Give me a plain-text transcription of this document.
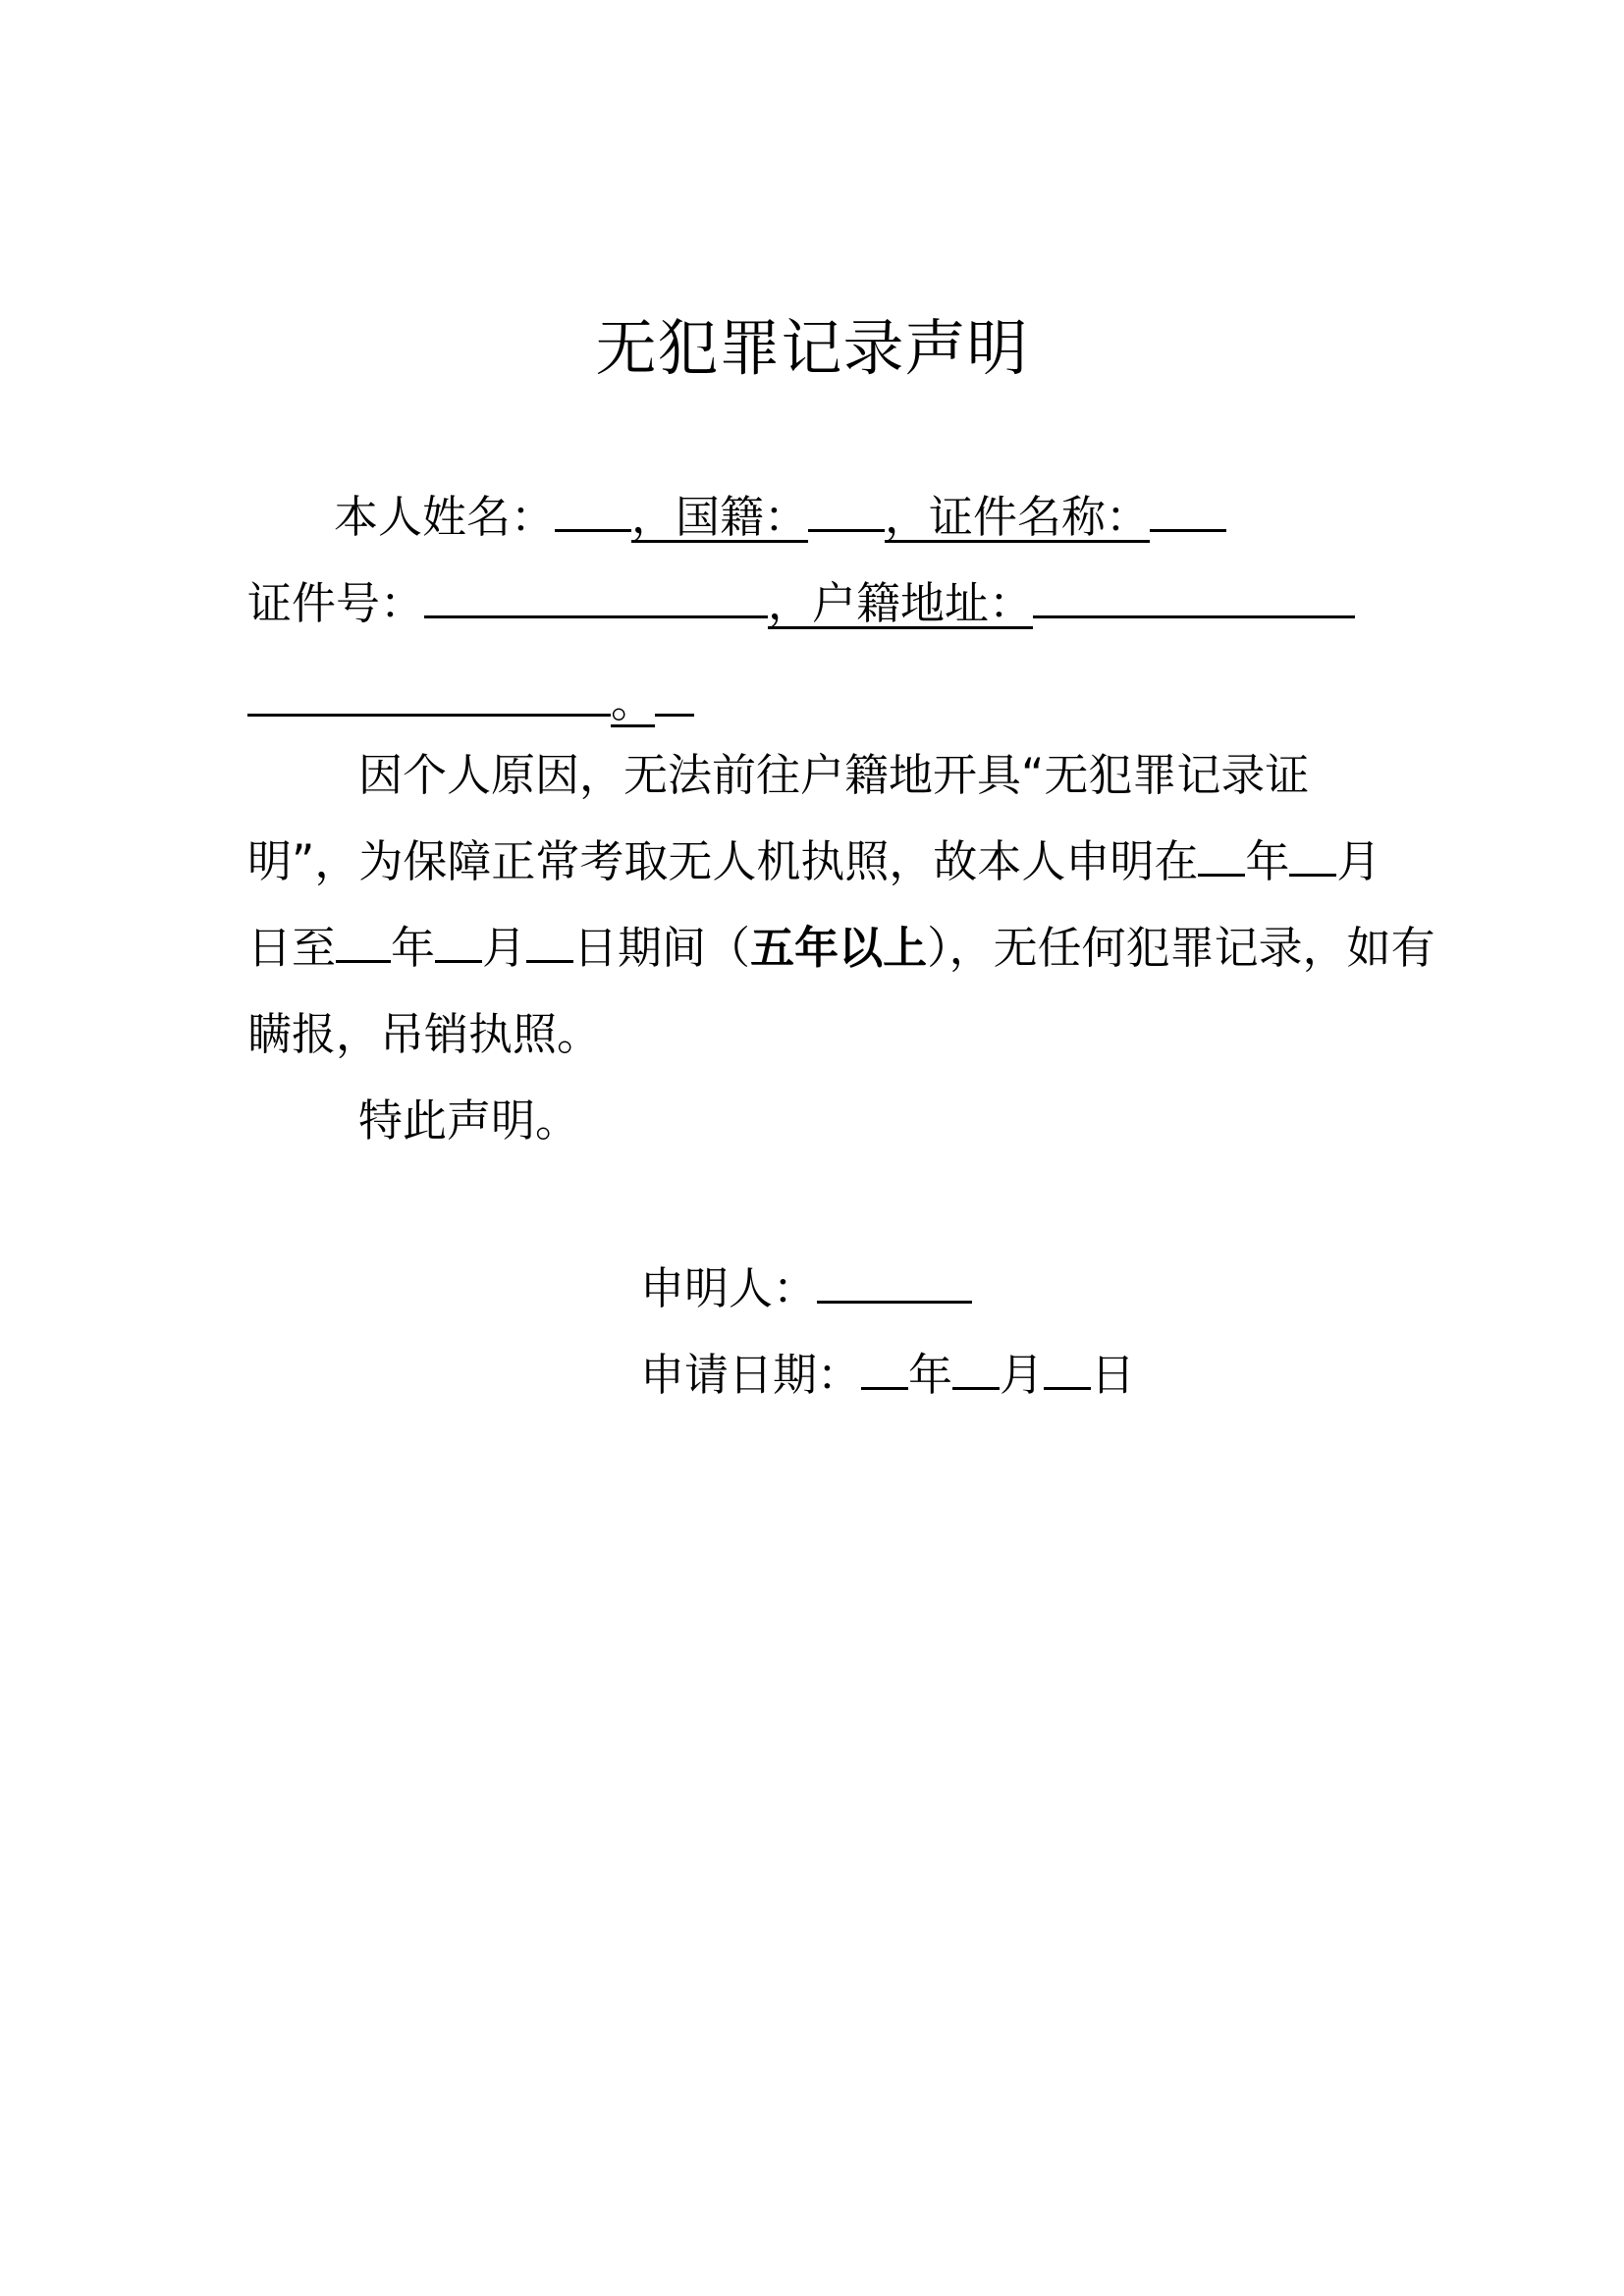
无犯罪记录声明
本人姓名： ，国籍： ，证件名称：
证件号：	，户籍地址：
。
因个人原因，无法前往户籍地开具“无犯罪记录证
明”，为保障正常考取无人机执照，故本人申明在 年 月
日至 年 月 日期间（五年以上），无任何犯罪记录，如有
瞒报，吊销执照。
特此声明。
申明人：
申请日期： 年 月 日
